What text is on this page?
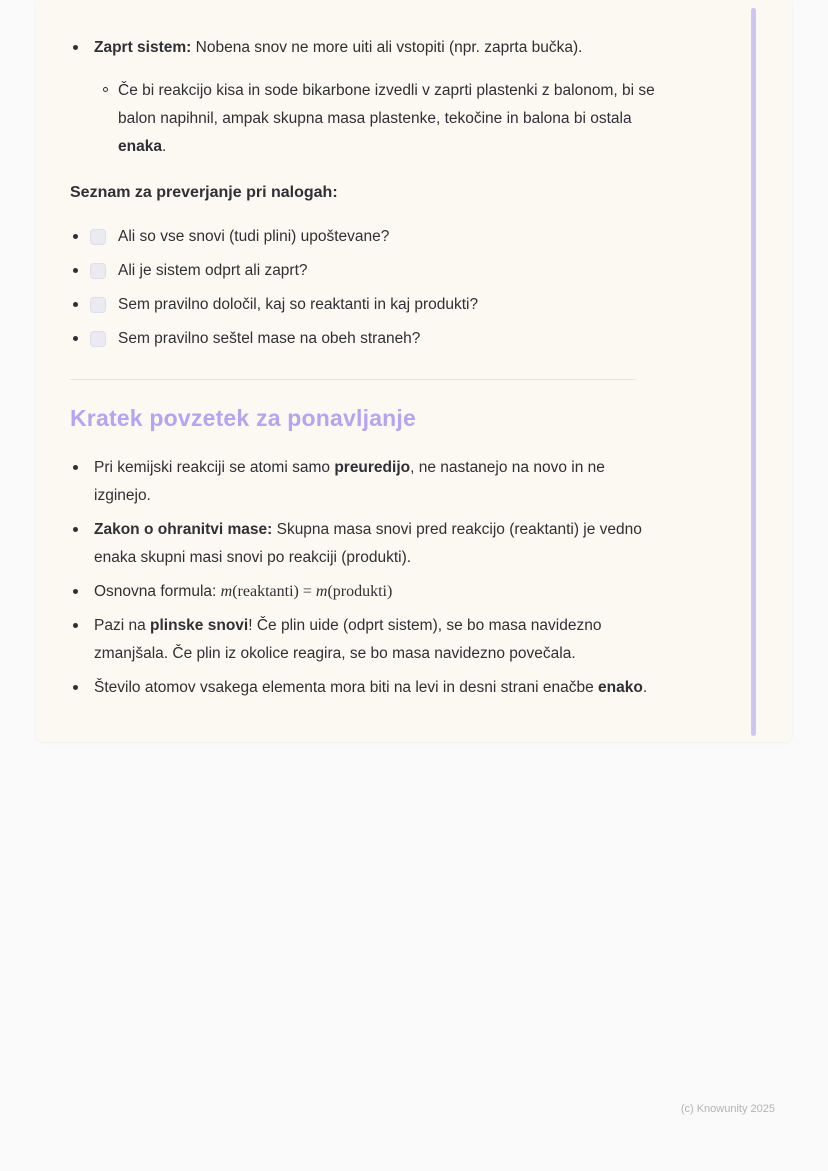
Zaprt sistem: Nobena snov ne more uiti ali vstopiti (npr. zaprta bučka).

Če bi reakcijo kisa in sode bikarbone izvedli v zaprti plastenki z balonom, bi se balon napihnil, ampak skupna masa plastenke, tekočine in balona bi ostala enaka.

Seznam za preverjanje pri nalogah:

Ali so vse snovi (tudi plini) upoštevane?

Ali je sistem odprt ali zaprt?

Sem pravilno določil, kaj so reaktanti in kaj produkti?

Sem pravilno seštel mase na obeh straneh?

Kratek povzetek za ponavljanje

Pri kemijski reakciji se atomi samo preuredijo, ne nastanejo na novo in ne izginejo.

Zakon o ohranitvi mase: Skupna masa snovi pred reakcijo (reaktanti) je vedno enaka skupni masi snovi po reakciji (produkti).

Osnovna formula: m(reaktanti) = m(produkti)

Pazi na plinske snovi! Če plin uide (odprt sistem), se bo masa navidezno zmanjšala. Če plin iz okolice reagira, se bo masa navidezno povečala.

Število atomov vsakega elementa mora biti na levi in desni strani enačbe enako.

(c) Knowunity 2025
